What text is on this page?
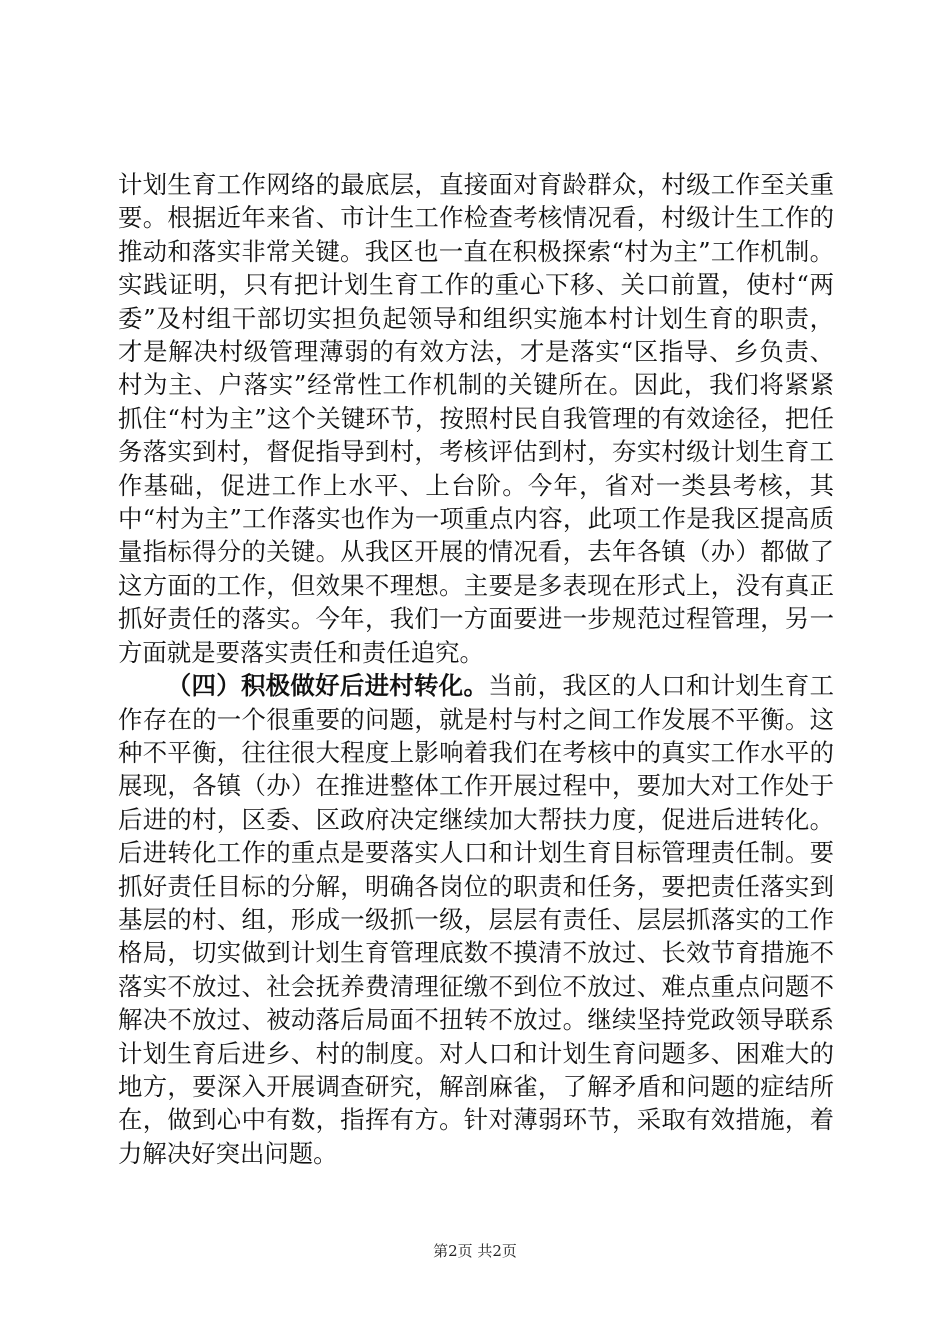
计划生育工作网络的最底层，直接面对育龄群众，村级工作至关重要。根据近年来省、市计生工作检查考核情况看，村级计生工作的推动和落实非常关键。我区也一直在积极探索“村为主”工作机制。实践证明，只有把计划生育工作的重心下移、关口前置，使村“两委”及村组干部切实担负起领导和组织实施本村计划生育的职责，才是解决村级管理薄弱的有效方法，才是落实“区指导、乡负责、村为主、户落实”经常性工作机制的关键所在。因此，我们将紧紧抓住“村为主”这个关键环节，按照村民自我管理的有效途径，把任务落实到村，督促指导到村，考核评估到村，夯实村级计划生育工作基础，促进工作上水平、上台阶。今年，省对一类县考核，其中“村为主”工作落实也作为一项重点内容，此项工作是我区提高质量指标得分的关键。从我区开展的情况看，去年各镇（办）都做了这方面的工作，但效果不理想。主要是多表现在形式上，没有真正抓好责任的落实。今年，我们一方面要进一步规范过程管理，另一方面就是要落实责任和责任追究。

（四）积极做好后进村转化。当前，我区的人口和计划生育工作存在的一个很重要的问题，就是村与村之间工作发展不平衡。这种不平衡，往往很大程度上影响着我们在考核中的真实工作水平的展现，各镇（办）在推进整体工作开展过程中，要加大对工作处于后进的村，区委、区政府决定继续加大帮扶力度，促进后进转化。后进转化工作的重点是要落实人口和计划生育目标管理责任制。要抓好责任目标的分解，明确各岗位的职责和任务，要把责任落实到基层的村、组，形成一级抓一级，层层有责任、层层抓落实的工作格局，切实做到计划生育管理底数不摸清不放过、长效节育措施不落实不放过、社会抚养费清理征缴不到位不放过、难点重点问题不解决不放过、被动落后局面不扭转不放过。继续坚持党政领导联系计划生育后进乡、村的制度。对人口和计划生育问题多、困难大的地方，要深入开展调查研究，解剖麻雀，了解矛盾和问题的症结所在，做到心中有数，指挥有方。针对薄弱环节，采取有效措施，着力解决好突出问题。

第2页 共2页
